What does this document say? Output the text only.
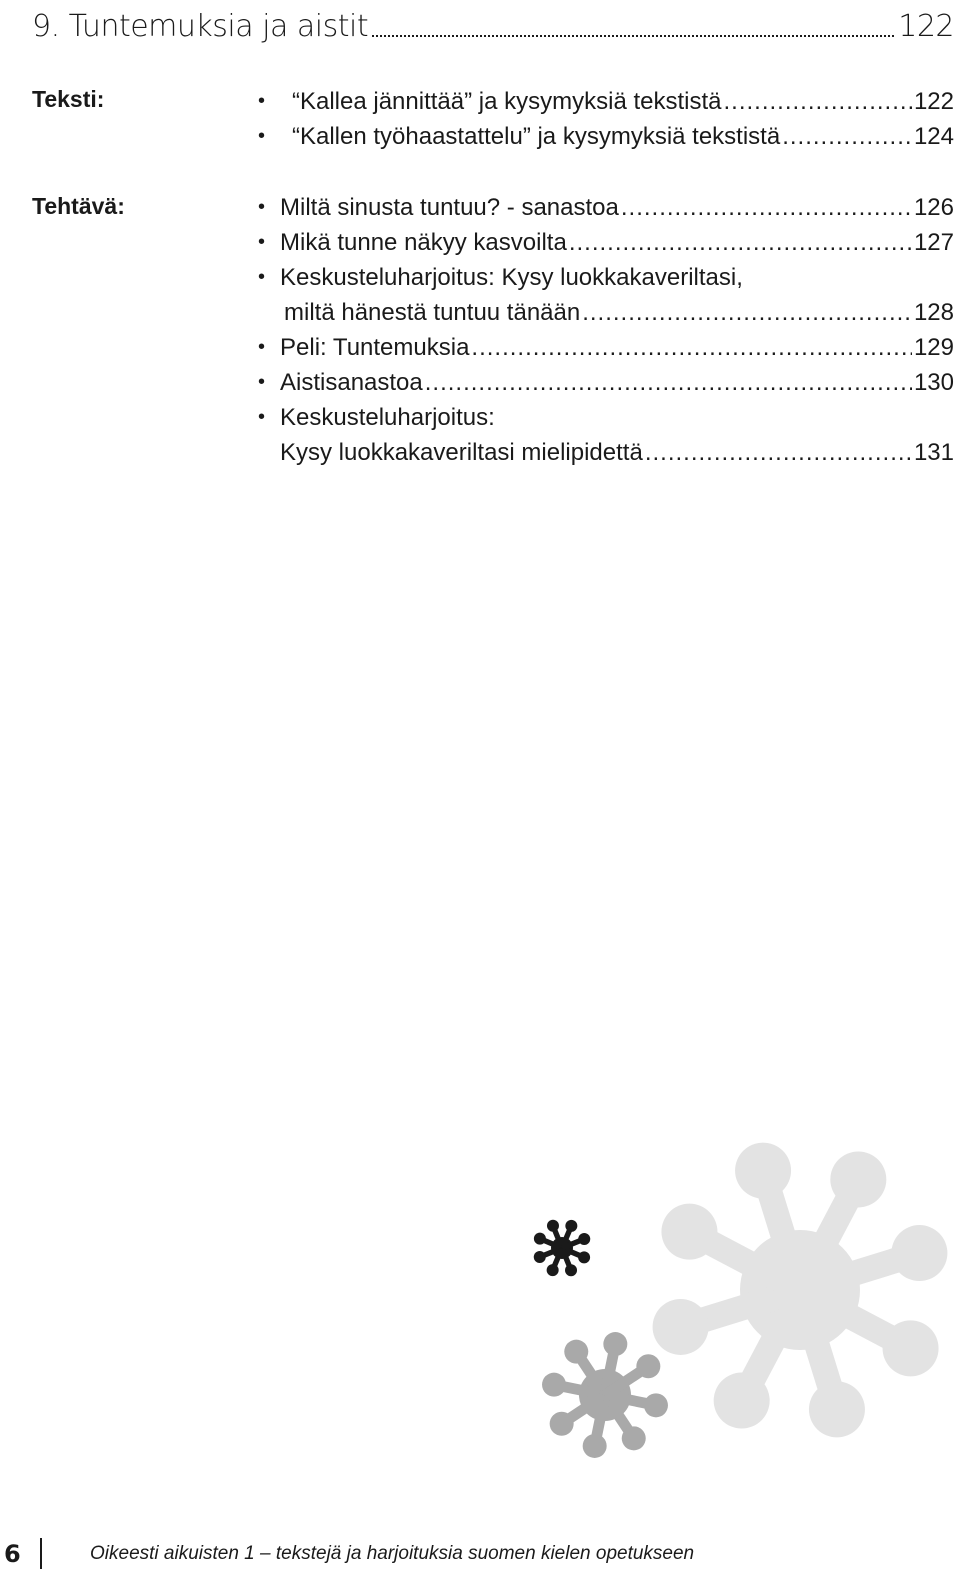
9. Tuntemuksia ja aistit	122
Teksti:	•	“Kallea jännittää” ja kysymyksiä tekstistä .....	122
•	“Kallen työhaastattelu” ja kysymyksiä tekstistä .....	124
Tehtävä:	• Miltä sinusta tuntuu? - sanastoa .....	126
• Mikä tunne näkyy kasvoilta .....	127
• Keskusteluharjoitus: Kysy luokkakaveriltasi,
miltä hänestä tuntuu tänään .....	128
• Peli: Tuntemuksia .....	129
• Aistisanastoa .....	130
• Keskusteluharjoitus:
Kysy luokkakaveriltasi mielipidettä .....	131
6	Oikeesti aikuisten 1 – tekstejä ja harjoituksia suomen kielen opetukseen
